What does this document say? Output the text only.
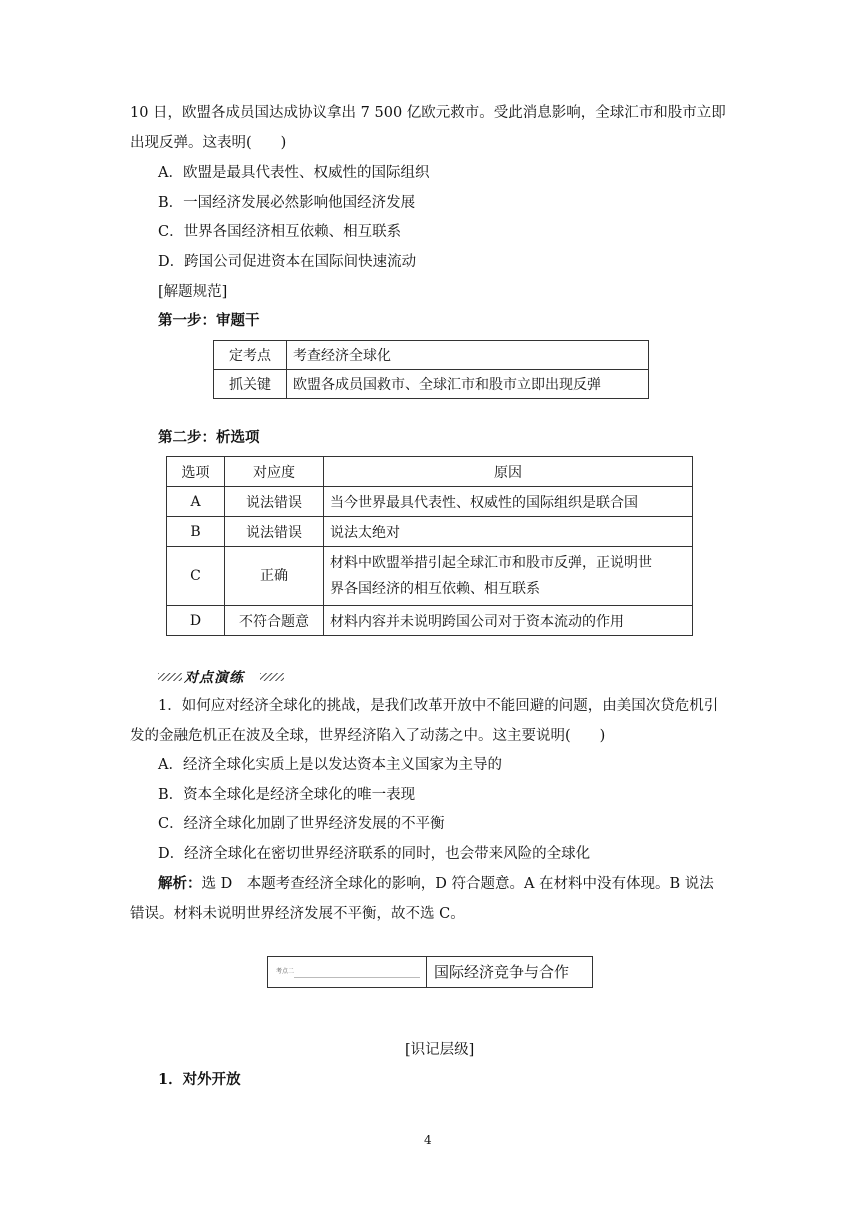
10 日，欧盟各成员国达成协议拿出 7 500 亿欧元救市。受此消息影响，全球汇市和股市立即
出现反弹。这表明(　　)
A．欧盟是最具代表性、权威性的国际组织
B．一国经济发展必然影响他国经济发展
C．世界各国经济相互依赖、相互联系
D．跨国公司促进资本在国际间快速流动
[解题规范]
第一步：审题干
定考点	考查经济全球化
抓关键	欧盟各成员国救市、全球汇市和股市立即出现反弹
第二步：析选项
选项	对应度	原因
A	说法错误	当今世界最具代表性、权威性的国际组织是联合国
B	说法错误	说法太绝对
C	正确	材料中欧盟举措引起全球汇市和股市反弹，正说明世
界各国经济的相互依赖、相互联系

D	不符合题意	材料内容并未说明跨国公司对于资本流动的作用
对点演练
1．如何应对经济全球化的挑战，是我们改革开放中不能回避的问题，由美国次贷危机引
发的金融危机正在波及全球，世界经济陷入了动荡之中。这主要说明(　　)
A．经济全球化实质上是以发达资本主义国家为主导的
B．资本全球化是经济全球化的唯一表现
C．经济全球化加剧了世界经济发展的不平衡
D．经济全球化在密切世界经济联系的同时，也会带来风险的全球化
解析：选 D　本题考查经济全球化的影响，D 符合题意。A 在材料中没有体现。B 说法
错误。材料未说明世界经济发展不平衡，故不选 C。
考点二	国际经济竞争与合作
[识记层级]
1．对外开放
4
